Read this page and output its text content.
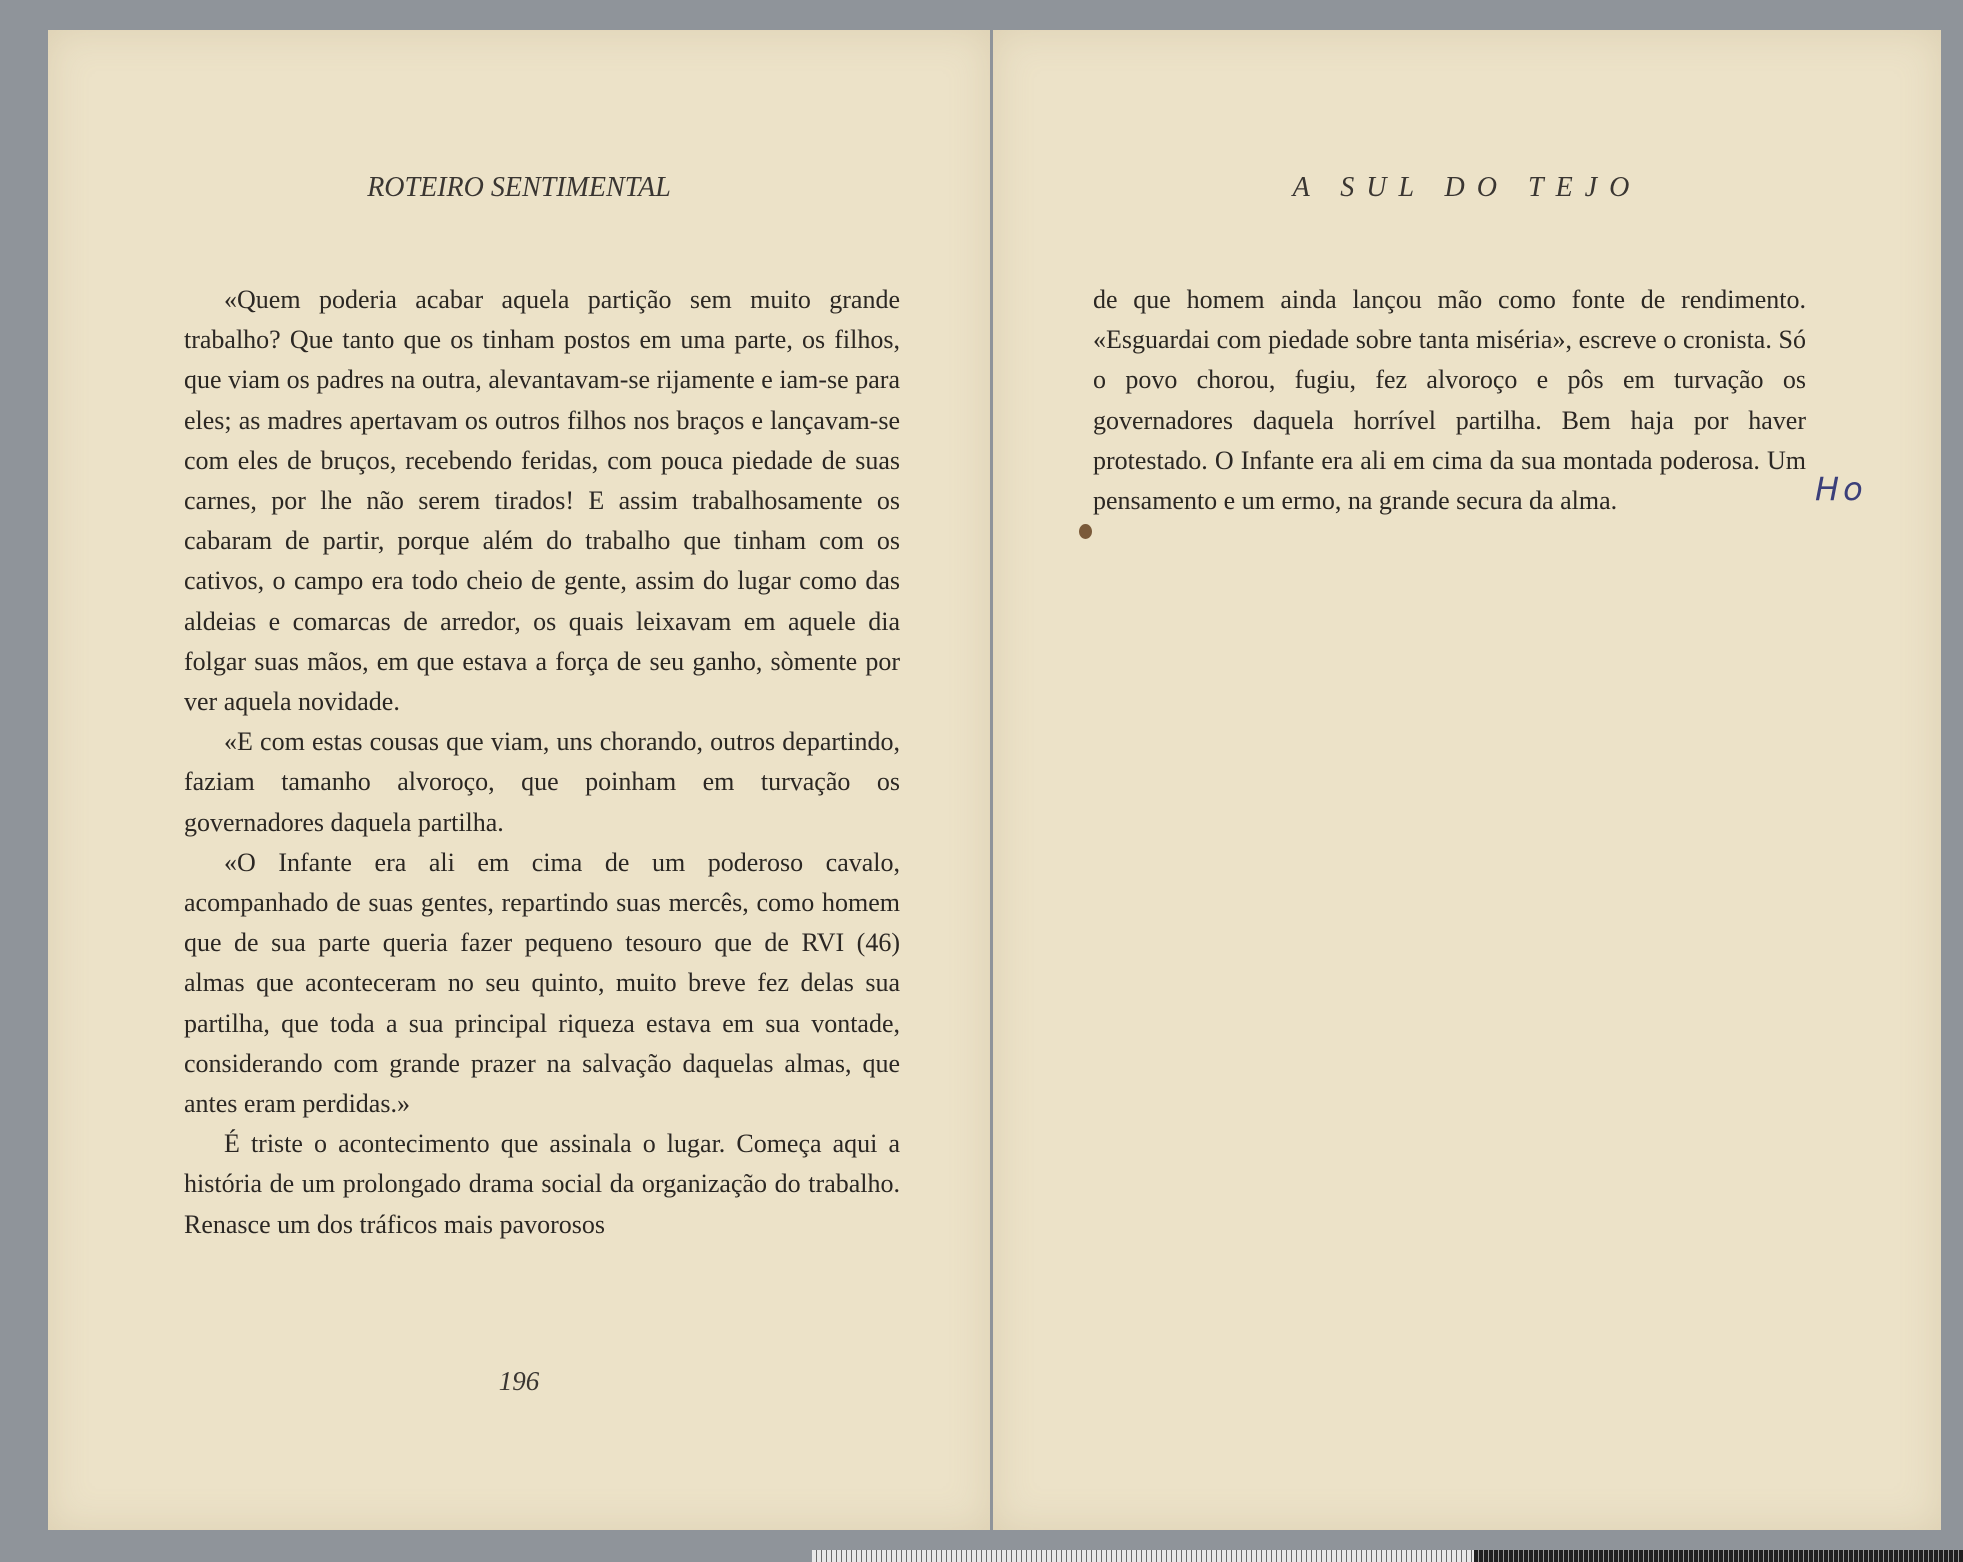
ROTEIRO SENTIMENTAL

«Quem poderia acabar aquela partição sem muito grande trabalho? Que tanto que os tinham postos em uma parte, os filhos, que viam os padres na outra, alevantavam-se rijamente e iam-se para eles; as madres apertavam os outros filhos nos braços e lançavam-se com eles de bruços, recebendo feridas, com pouca piedade de suas carnes, por lhe não serem tirados! E assim trabalhosamente os cabaram de partir, porque além do trabalho que tinham com os cativos, o campo era todo cheio de gente, assim do lugar como das aldeias e comarcas de arredor, os quais leixavam em aquele dia folgar suas mãos, em que estava a força de seu ganho, sòmente por ver aquela novidade.

«E com estas cousas que viam, uns chorando, outros departindo, faziam tamanho alvoroço, que poinham em turvação os governadores daquela partilha.

«O Infante era ali em cima de um poderoso cavalo, acompanhado de suas gentes, repartindo suas mercês, como homem que de sua parte queria fazer pequeno tesouro que de RVI (46) almas que aconteceram no seu quinto, muito breve fez delas sua partilha, que toda a sua principal riqueza estava em sua vontade, considerando com grande prazer na salvação daquelas almas, que antes eram perdidas.»

É triste o acontecimento que assinala o lugar. Começa aqui a história de um prolongado drama social da organização do trabalho. Renasce um dos tráficos mais pavorosos

196
A SUL DO TEJO

de que homem ainda lançou mão como fonte de rendimento. «Esguardai com piedade sobre tanta miséria», escreve o cronista. Só o povo chorou, fugiu, fez alvoroço e pôs em turvação os governadores daquela horrível partilha. Bem haja por haver protestado. O Infante era ali em cima da sua montada poderosa. Um pensamento e um ermo, na grande secura da alma.	Ho
